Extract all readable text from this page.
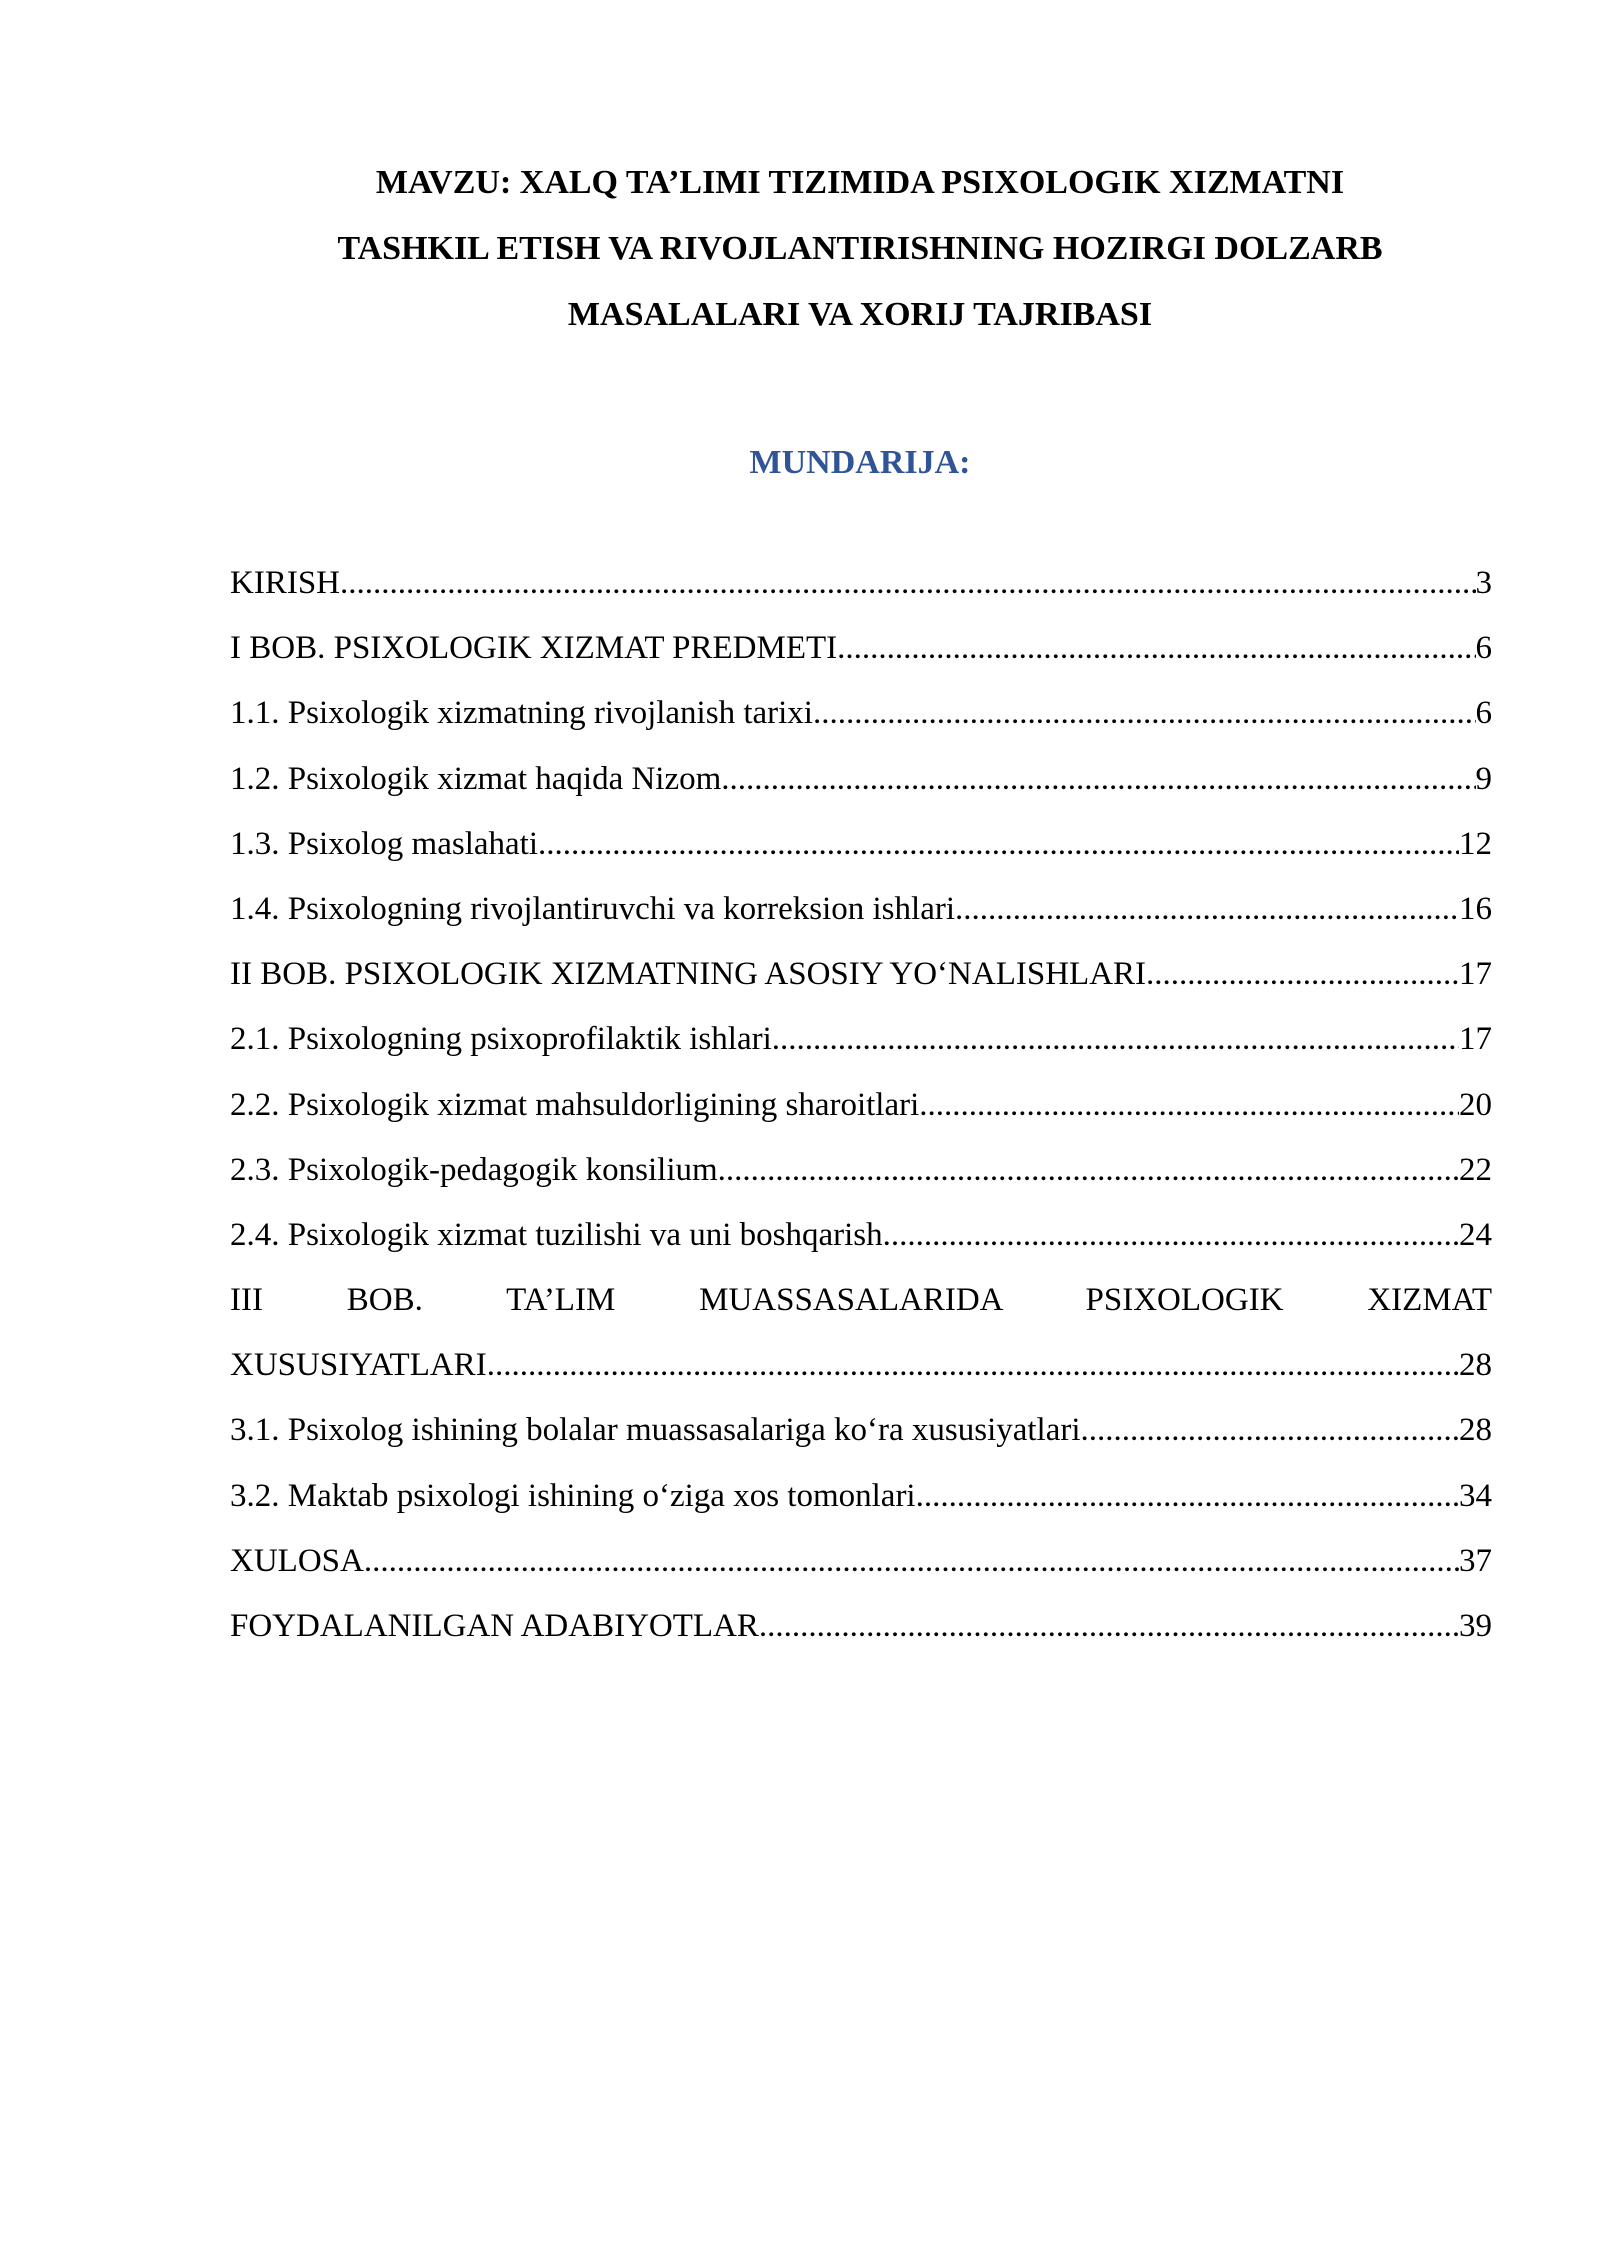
MAVZU: XALQ TA’LIMI TIZIMIDA PSIXOLOGIK XIZMATNI
TASHKIL ETISH VA RIVOJLANTIRISHNING HOZIRGI DOLZARB
MASALALARI VA XORIJ TAJRIBASI
MUNDARIJA:
KIRISH .....	3
I BOB. PSIXOLOGIK XIZMAT PREDMETI .....	6
1.1. Psixologik xizmatning rivojlanish tarixi .....	6
1.2. Psixologik xizmat haqida Nizom .....	9
1.3. Psixolog maslahati .....	12
1.4. Psixologning rivojlantiruvchi va korreksion ishlari .....	16
II BOB. PSIXOLOGIK XIZMATNING ASOSIY YO‘NALISHLARI .....	17
2.1. Psixologning psixoprofilaktik ishlari .....	17
2.2. Psixologik xizmat mahsuldorligining sharoitlari .....	20
2.3. Psixologik-pedagogik konsilium .....	22
2.4. Psixologik xizmat tuzilishi va uni boshqarish .....	24
III BOB. TA’LIM MUASSASALARIDA PSIXOLOGIK XIZMAT
XUSUSIYATLARI .....	28
3.1. Psixolog ishining bolalar muassasalariga ko‘ra xususiyatlari .....	28
3.2. Maktab psixologi ishining o‘ziga xos tomonlari .....	34
XULOSA .....	37
FOYDALANILGAN ADABIYOTLAR .....	39
